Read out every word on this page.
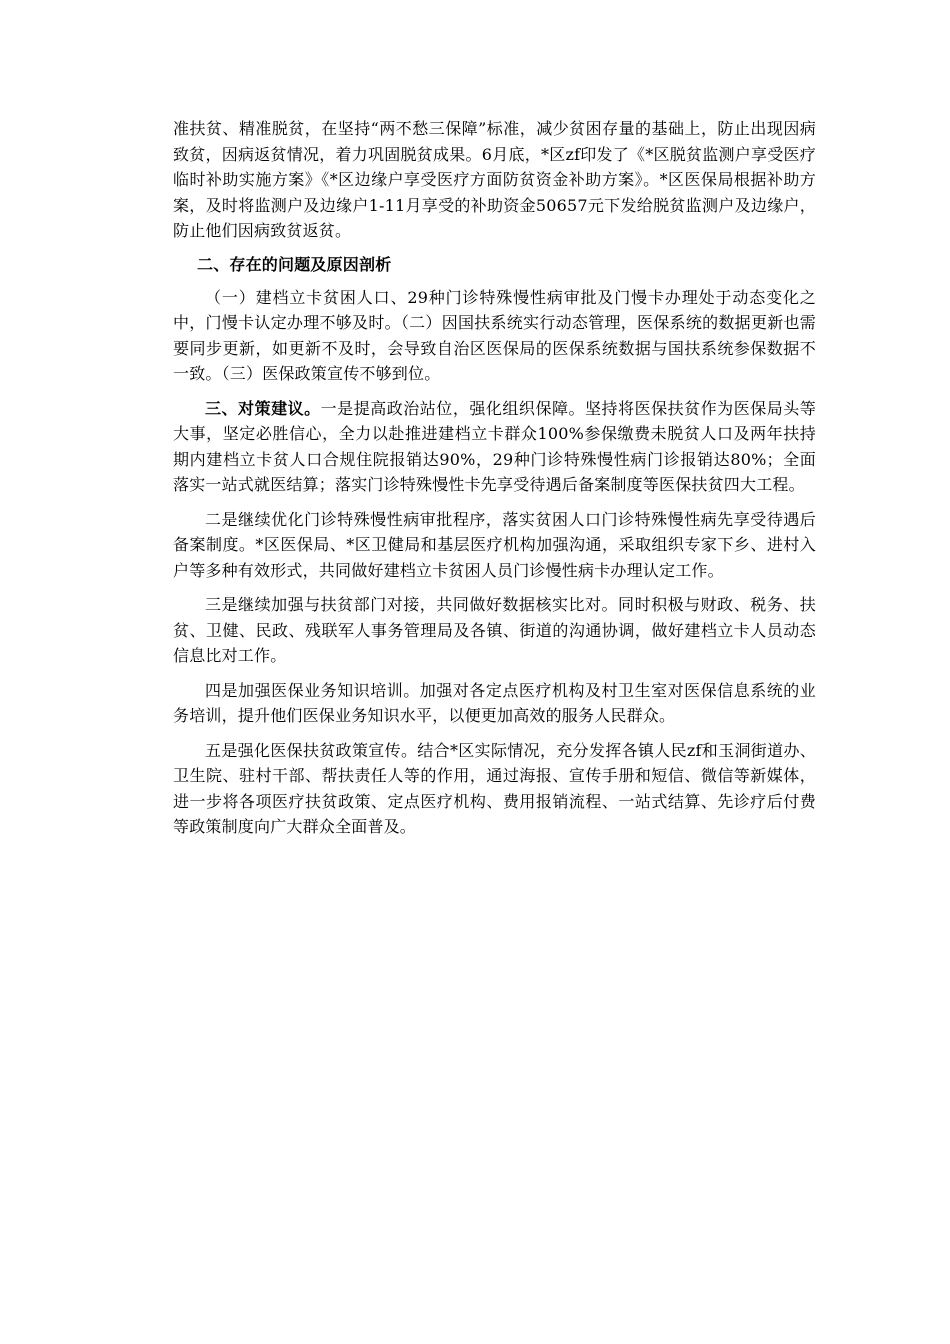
准扶贫、精准脱贫，在坚持“两不愁三保障”标准，减少贫困存量的基础上，防止出现因病致贫，因病返贫情况，着力巩固脱贫成果。6月底，*区zf印发了《*区脱贫监测户享受医疗临时补助实施方案》《*区边缘户享受医疗方面防贫资金补助方案》。*区医保局根据补助方案，及时将监测户及边缘户1-11月享受的补助资金50657元下发给脱贫监测户及边缘户，防止他们因病致贫返贫。

二、存在的问题及原因剖析

（一）建档立卡贫困人口、29种门诊特殊慢性病审批及门慢卡办理处于动态变化之中，门慢卡认定办理不够及时。（二）因国扶系统实行动态管理，医保系统的数据更新也需要同步更新，如更新不及时，会导致自治区医保局的医保系统数据与国扶系统参保数据不一致。（三）医保政策宣传不够到位。

三、对策建议。一是提高政治站位，强化组织保障。坚持将医保扶贫作为医保局头等大事，坚定必胜信心，全力以赴推进建档立卡群众100%参保缴费未脱贫人口及两年扶持期内建档立卡贫人口合规住院报销达90%，29种门诊特殊慢性病门诊报销达80%；全面落实一站式就医结算；落实门诊特殊慢性卡先享受待遇后备案制度等医保扶贫四大工程。

二是继续优化门诊特殊慢性病审批程序，落实贫困人口门诊特殊慢性病先享受待遇后备案制度。*区医保局、*区卫健局和基层医疗机构加强沟通，采取组织专家下乡、进村入户等多种有效形式，共同做好建档立卡贫困人员门诊慢性病卡办理认定工作。

三是继续加强与扶贫部门对接，共同做好数据核实比对。同时积极与财政、税务、扶贫、卫健、民政、残联军人事务管理局及各镇、街道的沟通协调，做好建档立卡人员动态信息比对工作。

四是加强医保业务知识培训。加强对各定点医疗机构及村卫生室对医保信息系统的业务培训，提升他们医保业务知识水平，以便更加高效的服务人民群众。

五是强化医保扶贫政策宣传。结合*区实际情况，充分发挥各镇人民zf和玉洞街道办、卫生院、驻村干部、帮扶责任人等的作用，通过海报、宣传手册和短信、微信等新媒体，进一步将各项医疗扶贫政策、定点医疗机构、费用报销流程、一站式结算、先诊疗后付费等政策制度向广大群众全面普及。
